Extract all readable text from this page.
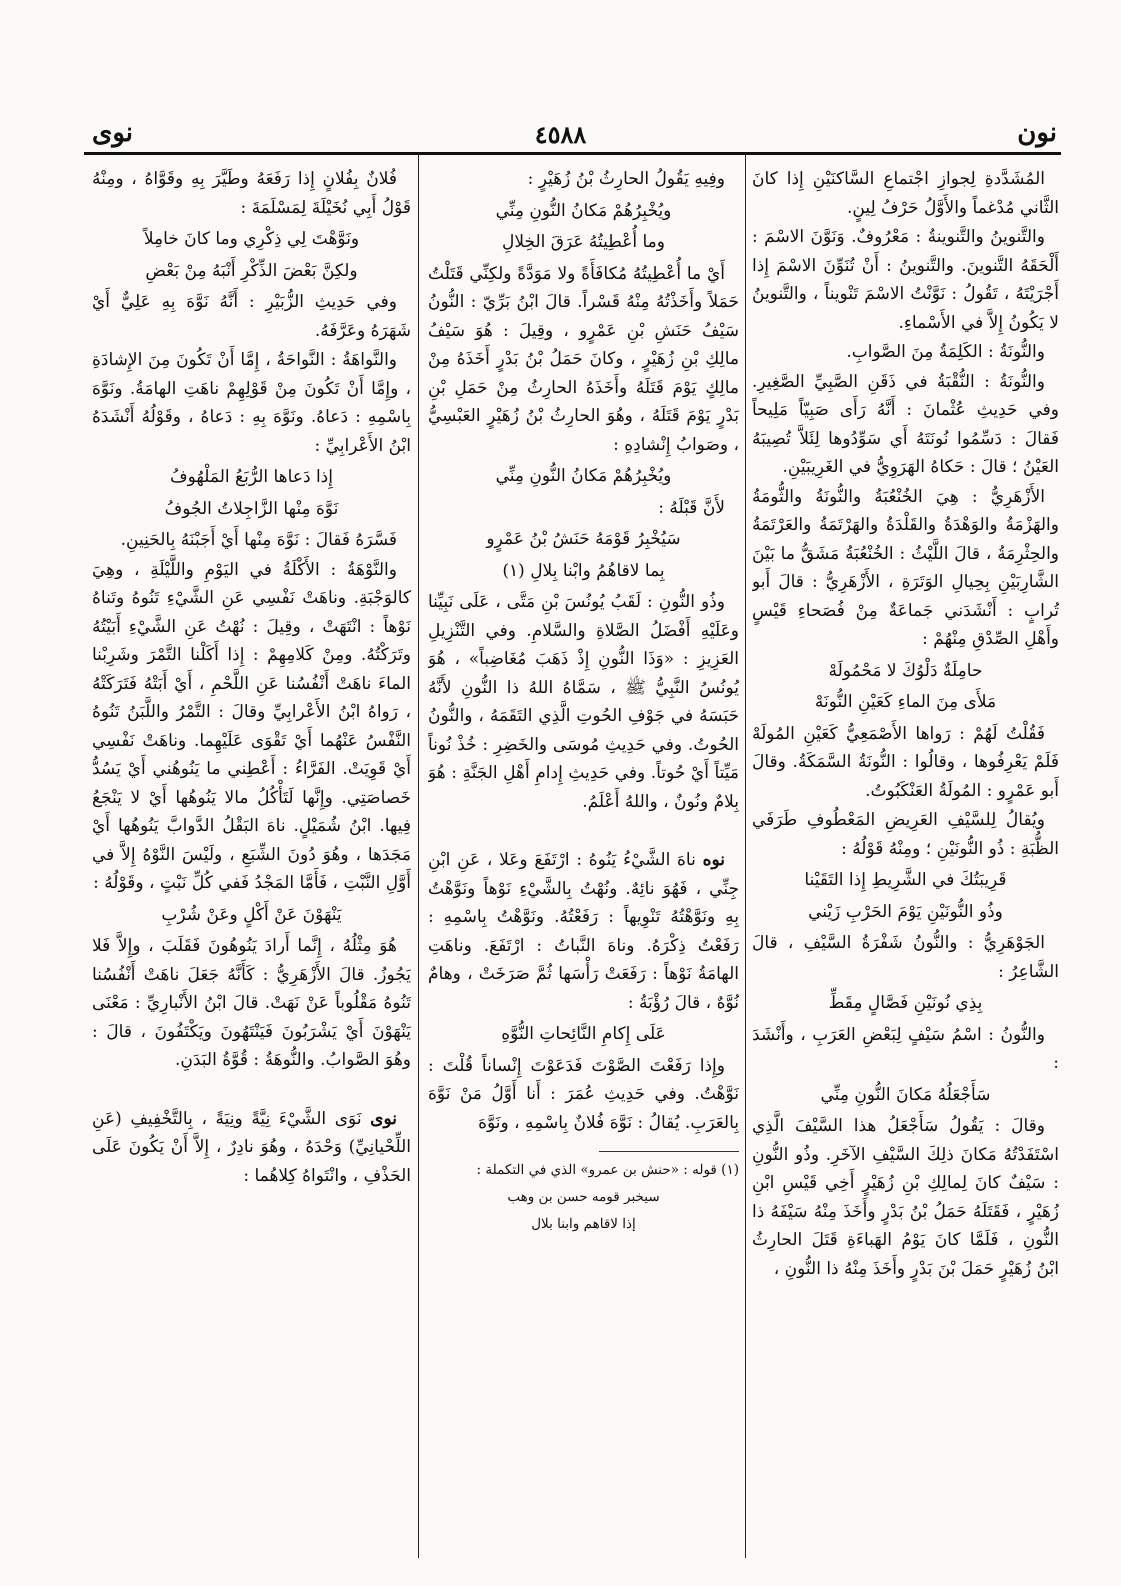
نون
٤٥٨٨
نوى

المُشَدَّدةِ لِجوازِ اجْتماعِ السَّاكنَيْنِ إِذا كانَ الثَّاني مُدْغماً والأَوَّلُ حَرْفُ لِينٍ.

والتَّنوينُ والتَّنوينةُ : مَعْرُوفٌ. وَنَوَّنَ الاسْمَ : أَلْحَقَهُ التَّنوينَ. والتَّنوينُ : أَنْ تُنَوِّنَ الاسْمَ إِذا أَجْرَيْتَهُ ، تَقُولُ : نَوَّنْتُ الاسْمَ تَنْويناً ، والتَّنوينُ لا يَكُونُ إِلاَّ في الأَسْماءِ.

والنُّونَةُ : الكَلِمَةُ مِنَ الصَّوابِ.

والنُّونَةُ : النُّقْبَةُ في ذَقَنِ الصَّبِيِّ الصَّغِيرِ. وفي حَدِيثِ عُثْمانَ : أَنَّهُ رَأَى صَبِيّاً مَلِيحاً فَقالَ : دَسِّمُوا نُونَتَهُ أَي سَوِّدُوها لِئَلاَّ تُصِيبَهُ العَيْنُ ؛ قالَ : حَكاهُ الهَرَوِيُّ في الغَرِيبَيْنِ.

الأَزْهَرِيُّ : هِيَ الخُنْعُبَةُ والنُّونَةُ والثُّومَةُ والهَزْمَةُ والوَهْدَةُ والقَلْدَةُ والهَرْتَمَةُ والعَرْتَمَةُ والحِثْرِمَةُ ، قالَ اللَّيْثُ : الخُنْعُبَةُ مَشَقُّ ما بَيْنَ الشَّارِبَيْنِ بِحِيالِ الوَتَرَةِ ، الأَزْهَرِيُّ : قالَ أَبو تُرابٍ : أَنْشَدَني جَماعَةٌ مِنْ فُصَحاءِ قَيْسٍ وأَهْلِ الصِّدْقِ مِنْهُمْ :

حامِلَةٌ دَلْوُكَ لا مَحْمُولَهْ

مَلأَى مِنَ الماءِ كَعَيْنِ النُّونَهْ

فَقُلْتُ لَهُمْ : رَواها الأَصْمَعِيُّ كَعَيْنِ المُولَهْ فَلَمْ يَعْرِفُوها ، وقالُوا : النُّونَةُ السَّمَكَةُ. وقالَ أَبو عَمْرٍو : المُولَةُ العَنْكَبُوتُ.

ويُقالُ لِلسَّيْفِ العَرِيضِ المَعْطُوفِ طَرَفَي الظُّبَةِ : ذُو النُّونَيْنِ ؛ ومِنْهُ قَوْلُهُ :

قَرِيبَتُكَ في الشَّرِيطِ إِذا التَقَيْنا

وذُو النُّونَيْنِ يَوْمَ الحَرْبِ زَيْني

الجَوْهَرِيُّ : والنُّونُ شَفْرَةُ السَّيْفِ ، قالَ الشَّاعِرُ :

بِذِي نُونَيْنِ فَصَّالٍ مِقَطِّ

والنُّونُ : اسْمُ سَيْفٍ لِبَعْضِ العَرَبِ ، وأَنْشَدَ :

سَأَجْعَلُهُ مَكانَ النُّونِ مِنِّي

وقالَ : يَقُولُ سَأَجْعَلُ هذا السَّيْفَ الَّذِي اسْتَفَدْتُهُ مَكانَ ذلِكَ السَّيْفِ الآخَرِ. وذُو النُّونِ : سَيْفٌ كانَ لِمالِكِ بْنِ زُهَيْرٍ أَخِي قَيْسِ ابْنِ زُهَيْرٍ ، فَقَتَلَهُ حَمَلُ بْنُ بَدْرٍ وأَخَذَ مِنْهُ سَيْفَهُ ذا النُّونِ ، فَلَمَّا كانَ يَوْمُ الهَباءَةِ قَتَلَ الحارِثُ ابْنُ زُهَيْرٍ حَمَلَ بْنَ بَدْرٍ وأَخَذَ مِنْهُ ذا النُّونِ ،

وفِيهِ يَقُولُ الحارِثُ بْنُ زُهَيْرٍ :

ويُخْبِرُهُمْ مَكانُ النُّونِ مِنِّي

وما أُعْطِيتُهُ عَرَقَ الخِلالِ

أَيْ ما أُعْطِيتُهُ مُكافَأَةً ولا مَوَدَّةً ولكِنِّي قَتَلْتُ حَمَلاً وأَخَذْتُهُ مِنْهُ قَسْراً. قالَ ابْنُ بَرِّيّ : النُّونُ سَيْفُ حَنَشِ بْنِ عَمْرٍو ، وقِيلَ : هُوَ سَيْفُ مالِكِ بْنِ زُهَيْرٍ ، وكانَ حَمَلُ بْنُ بَدْرٍ أَخَذَهُ مِنْ مالِكٍ يَوْمَ قَتَلَهُ وأَخَذَهُ الحارِثُ مِنْ حَمَلِ بْنِ بَدْرٍ يَوْمَ قَتَلَهُ ، وهُوَ الحارِثُ بْنُ زُهَيْرٍ العَبْسِيُّ ، وصَوابُ إِنْشادِهِ :

ويُخْبِرُهُمْ مَكانُ النُّونِ مِنِّي

لأَنَّ قَبْلَهُ :

سَيُخْبِرُ قَوْمَهُ حَنَشُ بْنُ عَمْرٍو

بِما لاقاهُمُ وابْنا بِلالِ (١)

وذُو النُّونِ : لَقَبُ يُونُسَ بْنِ مَتَّى ، عَلَى نَبِيِّنا وعَلَيْهِ أَفْضَلُ الصَّلاةِ والسَّلامِ. وفي التَّنْزِيلِ العَزِيزِ : «وَذَا النُّونِ إِذْ ذَهَبَ مُغَاضِباً» ، هُوَ يُونُسُ النَّبِيُّ ﷺ ، سَمَّاهُ اللهُ ذا النُّونِ لأَنَّهُ حَبَسَهُ في جَوْفِ الحُوتِ الَّذِي التَقَمَهُ ، والنُّونُ الحُوتُ. وفي حَدِيثِ مُوسَى والخَضِرِ : خُذْ نُوناً مَيِّتاً أَيْ حُوتاً. وفي حَدِيثِ إِدامِ أَهْلِ الجَنَّةِ : هُوَ بِلامٌ ونُونٌ ، واللهُ أَعْلَمُ.

نوه ناهَ الشَّيْءُ يَنُوهُ : ارْتَفَعَ وعَلا ، عَنِ ابْنِ جِنِّي ، فَهُوَ نائِهٌ. ونُهْتُ بِالشَّيْءِ نَوْهاً ونَوَّهْتُ بِهِ ونَوَّهْتُهُ تَنْوِيهاً : رَفَعْتُهُ. ونَوَّهْتُ بِاسْمِهِ : رَفَعْتُ ذِكْرَهُ. وناهَ النَّباتُ : ارْتَفَعَ. وناهَتِ الهامَةُ نَوْهاً : رَفَعَتْ رَأْسَها ثُمَّ صَرَخَتْ ، وهامٌ نُوَّهٌ ، قالَ رُؤْبَةُ :

عَلَى إِكامِ النَّائِحاتِ النُّوَّهِ

وإِذا رَفَعْتَ الصَّوْتَ فَدَعَوْتَ إِنْساناً قُلْتَ : نَوَّهْتُ. وفي حَدِيثِ عُمَرَ : أَنا أَوَّلُ مَنْ نَوَّهَ بِالعَرَبِ. يُقالُ : نَوَّهَ فُلانٌ بِاسْمِهِ ، ونَوَّهَ

(١) قوله : «حنش بن عمرو» الذي في التكملة :

سيخبر قومه حسن بن وهب

إذا لاقاهم وابنا بلال

فُلانٌ بِفُلانٍ إِذا رَفَعَهُ وطَيَّرَ بِهِ وقَوَّاهُ ، ومِنْهُ قَوْلُ أَبِي نُخَيْلَةَ لِمَسْلَمَةَ :

ونَوَّهْتَ لِي ذِكْرِي وما كانَ خامِلاً

ولكِنَّ بَعْضَ الذِّكْرِ أَنْبَهُ مِنْ بَعْضِ

وفي حَدِيثِ الزُّبَيْرِ : أَنَّهُ نَوَّهَ بِهِ عَلِيٌّ أَيْ شَهَرَهُ وعَرَّفَهُ.

والنَّواهَةُ : النَّواحَةُ ، إِمَّا أَنْ تَكُونَ مِنَ الإِشادَةِ ، وإِمَّا أَنْ تَكُونَ مِنْ قَوْلِهِمْ ناهَتِ الهامَةُ. ونَوَّهَ بِاسْمِهِ : دَعاهُ. ونَوَّهَ بِهِ : دَعاهُ ، وقَوْلُهُ أَنْشَدَهُ ابْنُ الأَعْرابِيِّ :

إِذا دَعاها الرُّبَعُ المَلْهُوفُ

نَوَّهَ مِنْها الزَّاجِلاتُ الجُوفُ

فَسَّرَهُ فَقالَ : نَوَّهَ مِنْها أَيْ أَجَبْنَهُ بِالحَنِينِ.

والنَّوْهَةُ : الأَكْلَةُ في اليَوْمِ واللَّيْلَةِ ، وهِيَ كالوَجْبَةِ. وناهَتْ نَفْسِي عَنِ الشَّيْءِ تَنُوهُ وتَناهُ نَوْهاً : انْتَهَتْ ، وقِيلَ : نُهْتُ عَنِ الشَّيْءِ أَبَيْتُهُ وتَرَكْتُهُ. ومِنْ كَلامِهِمْ : إِذا أَكَلْنا التَّمْرَ وشَرِبْنا الماءَ ناهَتْ أَنْفُسُنا عَنِ اللَّحْمِ ، أَيْ أَبَتْهُ فَتَرَكَتْهُ ، رَواهُ ابْنُ الأَعْرابِيِّ وقالَ : التَّمْرُ واللَّبَنُ تَنُوهُ النَّفْسُ عَنْهُما أَيْ تَقْوَى عَلَيْهِما. وناهَتْ نَفْسِي أَيْ قَوِيَتْ. الفَرَّاءُ : أَعْطِني ما يَنُوهُني أَيْ يَسُدُّ خَصاصَتِي. وإِنَّها لَتَأْكُلُ مالا يَنُوهُها أَيْ لا يَنْجَعُ فِيها. ابْنُ شُمَيْلٍ. ناهَ البَقْلُ الدَّوابَّ يَنُوهُها أَيْ مَجَدَها ، وهُوَ دُونَ الشِّبَعِ ، ولَيْسَ النَّوْهُ إِلاَّ في أَوَّلِ النَّبْتِ ، فَأَمَّا المَجْدُ فَفي كُلِّ نَبْتٍ ، وقَوْلُهُ :

يَنْهَوْنَ عَنْ أَكْلٍ وعَنْ شُرْبِ

هُوَ مِثْلُهُ ، إِنَّما أَرادَ يَنُوهُونَ فَقَلَبَ ، وإِلاَّ فَلا يَجُوزُ. قالَ الأَزْهَرِيُّ : كَأَنَّهُ جَعَلَ ناهَتْ أَنْفُسُنا تَنُوهُ مَقْلُوباً عَنْ نَهَتْ. قالَ ابْنُ الأَنْبارِيِّ : مَعْنَى يَنْهَوْنَ أَيْ يَشْرَبُونَ فَيَنْتَهُونَ ويَكْتَفُونَ ، قالَ : وهُوَ الصَّوابُ. والنُّوهَةُ : قُوَّةُ البَدَنِ.

نوى نَوَى الشَّيْءَ نِيَّةً ونِيَةً ، بِالتَّخْفِيفِ (عَنِ اللِّحْيانِيِّ) وَحْدَهُ ، وهُوَ نادِرٌ ، إِلاَّ أَنْ يَكُونَ عَلَى الحَذْفِ ، وانْتَواهُ كِلاهُما :
